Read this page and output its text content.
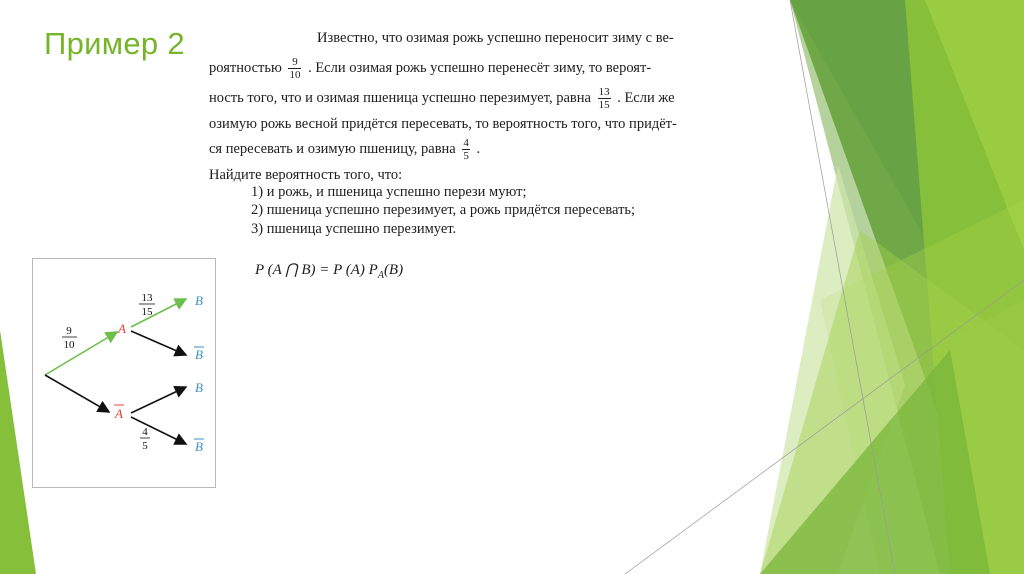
Пример 2	Известно, что озимая рожь успешно переносит зиму с ве-
роятностью $\frac{9}{10}$ . Если озимая рожь успешно перенесёт зиму, то вероят-
ность того, что и озимая пшеница успешно перезимует, равна $\frac{13}{15}$ . Если же
озимую рожь весной придётся пересевать, то вероятность того, что придёт-
ся пересевать и озимую пшеницу, равна $\frac{4}{5}$ .
Найдите вероятность того, что:
1) и рожь, и пшеница успешно перези мyют;
2) пшеница успешно перезимует, а рожь придётся пересевать;
3) пшеница успешно перезимует.
P (A ⋂ B) = P (A) $P_A(B)$
9
10
13
15
4
5
A
A
B
B
B
B
